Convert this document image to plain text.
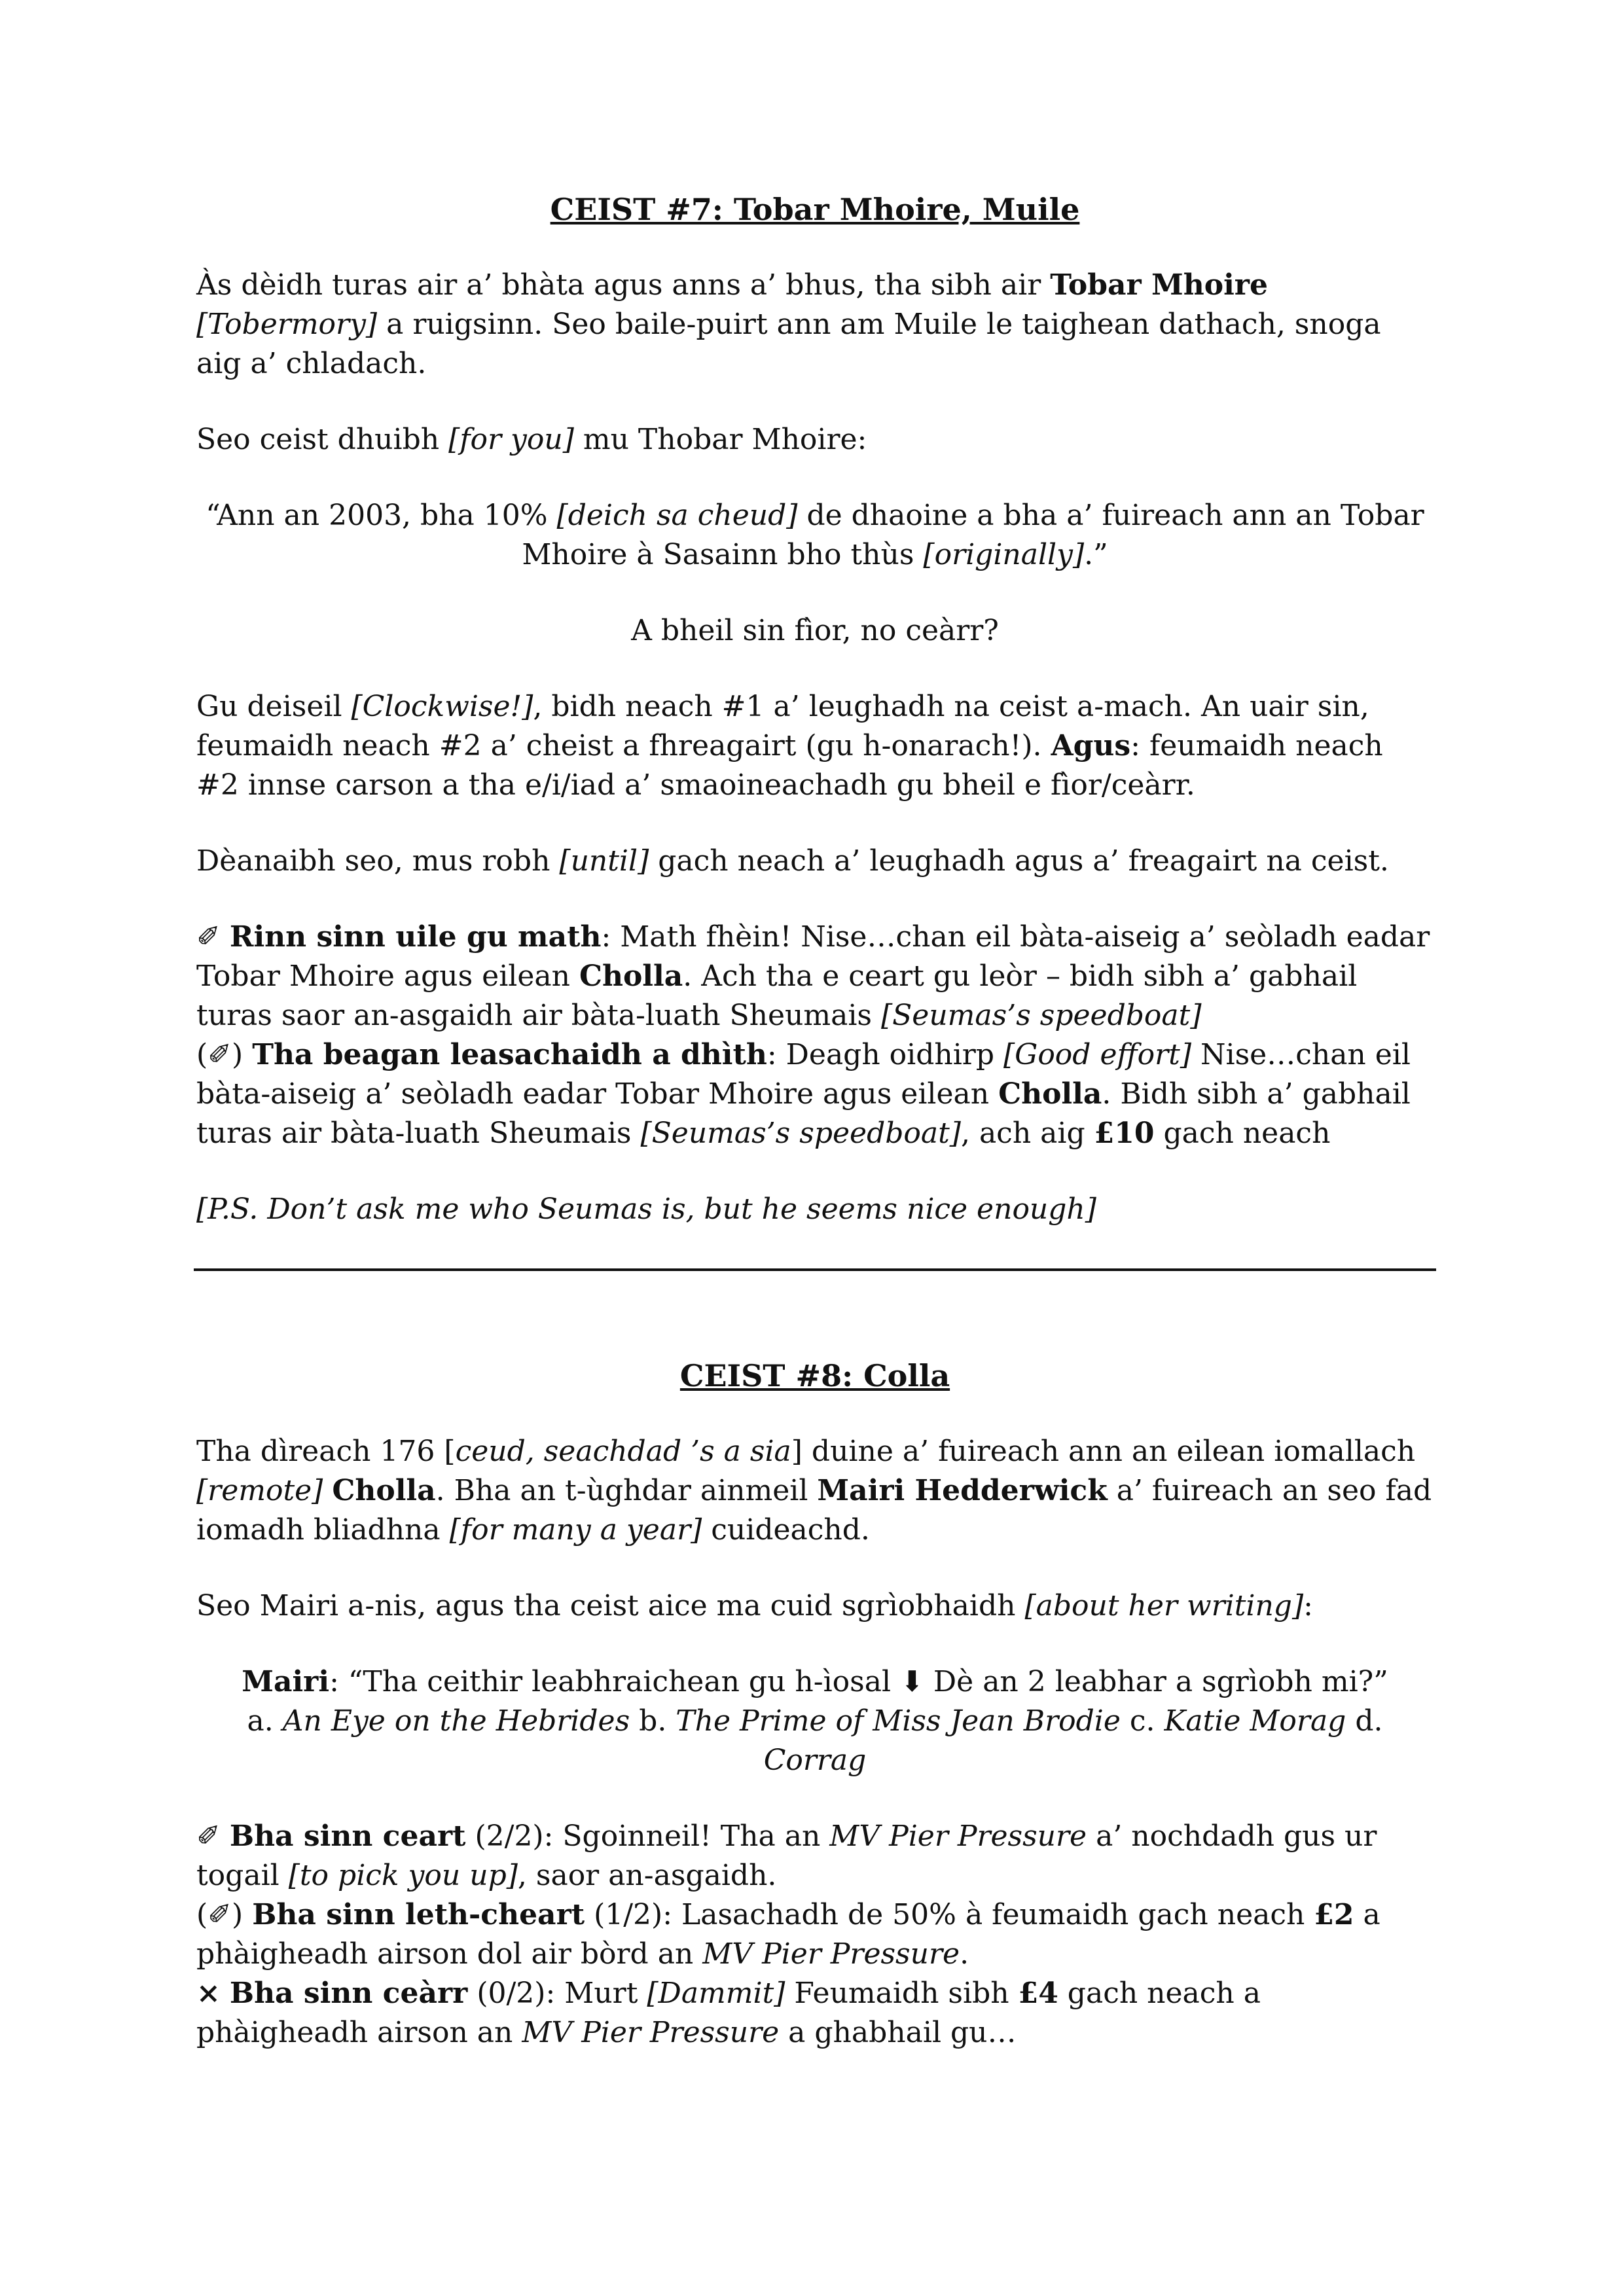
CEIST #7: Tobar Mhoire, Muile

Às dèidh turas air a’ bhàta agus anns a’ bhus, tha sibh air Tobar Mhoire
[Tobermory] a ruigsinn. Seo baile-puirt ann am Muile le taighean dathach, snoga aig a’ chladach.

Seo ceist dhuibh [for you] mu Thobar Mhoire:

“Ann an 2003, bha 10% [deich sa cheud] de dhaoine a bha a’ fuireach ann an Tobar Mhoire à Sasainn bho thùs [originally].”

A bheil sin fìor, no ceàrr?

Gu deiseil [Clockwise!], bidh neach #1 a’ leughadh na ceist a-mach. An uair sin, feumaidh neach #2 a’ cheist a fhreagairt (gu h-onarach!). Agus: feumaidh neach #2 innse carson a tha e/i/iad a’ smaoineachadh gu bheil e fìor/ceàrr.

Dèanaibh seo, mus robh [until] gach neach a’ leughadh agus a’ freagairt na ceist.

✐ Rinn sinn uile gu math: Math fhèin! Nise…chan eil bàta-aiseig a’ seòladh eadar Tobar Mhoire agus eilean Cholla. Ach tha e ceart gu leòr – bidh sibh a’ gabhail turas saor an-asgaidh air bàta-luath Sheumais [Seumas’s speedboat]

(✐) Tha beagan leasachaidh a dhìth: Deagh oidhirp [Good effort] Nise…chan eil bàta-aiseig a’ seòladh eadar Tobar Mhoire agus eilean Cholla. Bidh sibh a’ gabhail turas air bàta-luath Sheumais [Seumas’s speedboat], ach aig £10 gach neach

[P.S. Don’t ask me who Seumas is, but he seems nice enough]

CEIST #8: Colla

Tha dìreach 176 [ceud, seachdad ’s a sia] duine a’ fuireach ann an eilean iomallach
[remote] Cholla. Bha an t-ùghdar ainmeil Mairi Hedderwick a’ fuireach an seo fad iomadh bliadhna [for many a year] cuideachd.

Seo Mairi a-nis, agus tha ceist aice ma cuid sgrìobhaidh [about her writing]:

Mairi: “Tha ceithir leabhraichean gu h-ìosal ⬇ Dè an 2 leabhar a sgrìobh mi?”
a. An Eye on the Hebrides b. The Prime of Miss Jean Brodie c. Katie Morag d.
Corrag

✐ Bha sinn ceart (2/2): Sgoinneil! Tha an MV Pier Pressure a’ nochdadh gus ur togail [to pick you up], saor an-asgaidh.

(✐) Bha sinn leth-cheart (1/2): Lasachadh de 50% à feumaidh gach neach £2 a phàigheadh airson dol air bòrd an MV Pier Pressure.

× Bha sinn ceàrr (0/2): Murt [Dammit] Feumaidh sibh £4 gach neach a phàigheadh airson an MV Pier Pressure a ghabhail gu…
